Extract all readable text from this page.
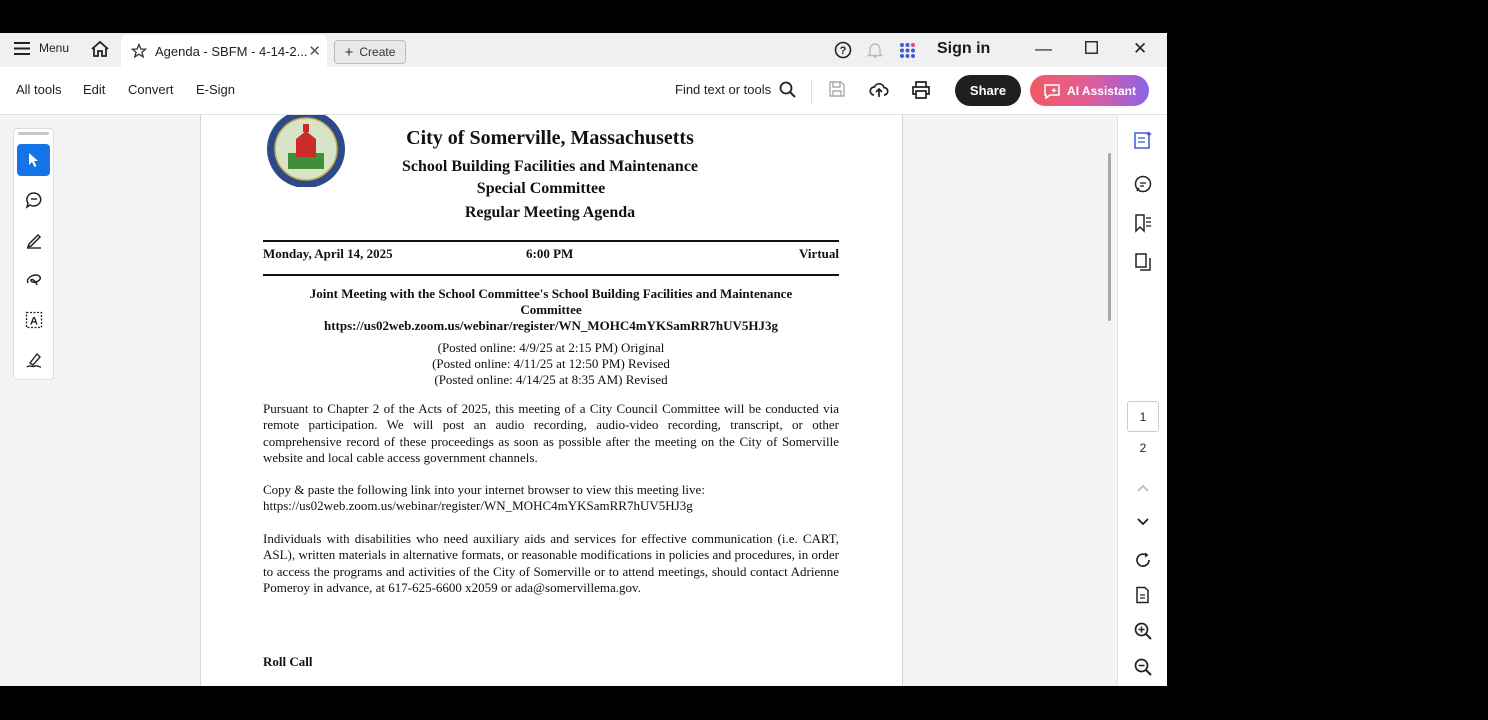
Menu	Agenda - SBFM - 4-14-2... ✕ + Create	?	Sign in	—	✕
All tools Edit Convert E-Sign	Find text or tools	Share	AI Assistant
City of Somerville, Massachusetts
School Building Facilities and Maintenance
Special Committee
Regular Meeting Agenda
Monday, April 14, 2025	6:00 PM	Virtual
Joint Meeting with the School Committee's School Building Facilities and Maintenance
Committee
https://us02web.zoom.us/webinar/register/WN_MOHC4mYKSamRR7hUV5HJ3g
(Posted online: 4/9/25 at 2:15 PM) Original
(Posted online: 4/11/25 at 12:50 PM) Revised
(Posted online: 4/14/25 at 8:35 AM) Revised
Pursuant to Chapter 2 of the Acts of 2025, this meeting of a City Council Committee will be conducted via remote participation. We will post an audio recording, audio-video recording, transcript, or other comprehensive record of these proceedings as soon as possible after the meeting on the City of Somerville website and local cable access government channels.
Copy & paste the following link into your internet browser to view this meeting live:
https://us02web.zoom.us/webinar/register/WN_MOHC4mYKSamRR7hUV5HJ3g
Individuals with disabilities who need auxiliary aids and services for effective communication (i.e. CART, ASL), written materials in alternative formats, or reasonable modifications in policies and procedures, in order to access the programs and activities of the City of Somerville or to attend meetings, should contact Adrienne Pomeroy in advance, at 617-625-6600 x2059 or ada@somervillema.gov.
Roll Call
A
1
2
